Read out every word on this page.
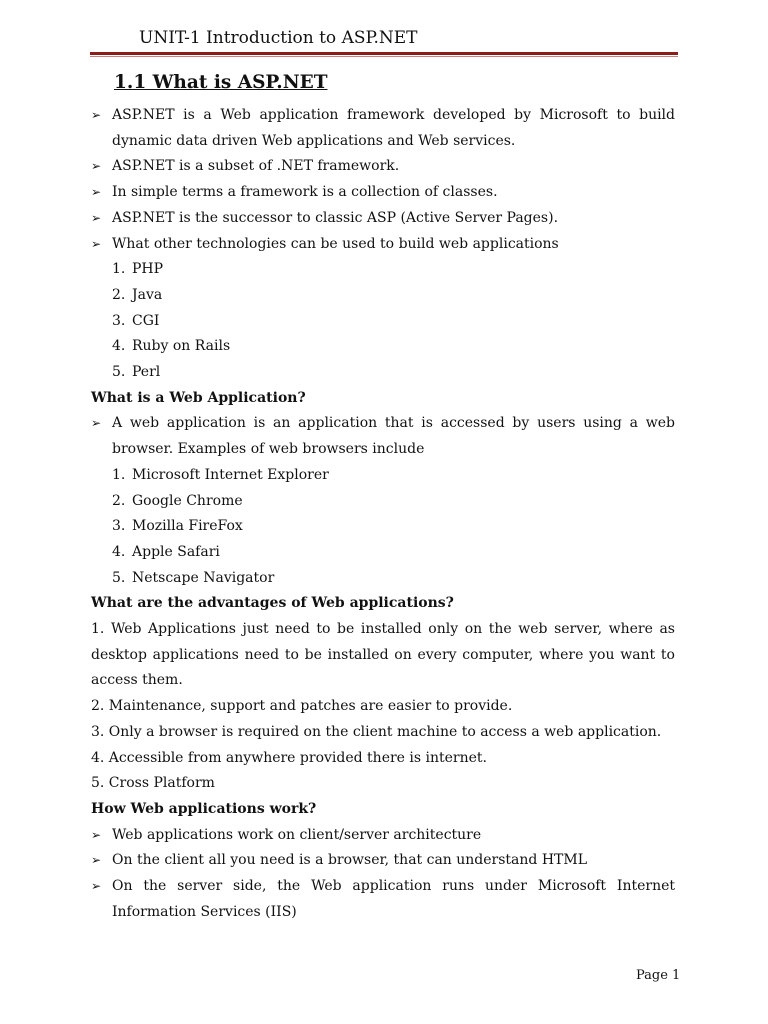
UNIT-1 Introduction to ASP.NET
1.1 What is ASP.NET
➢ ASP.NET is a Web application framework developed by Microsoft to build dynamic data driven Web applications and Web services.
➢ ASP.NET is a subset of .NET framework.
➢ In simple terms a framework is a collection of classes.
➢ ASP.NET is the successor to classic ASP (Active Server Pages).
➢ What other technologies can be used to build web applications
1. PHP
2. Java
3. CGI
4. Ruby on Rails
5. Perl

What is a Web Application?

➢ A web application is an application that is accessed by users using a web browser. Examples of web browsers include
1. Microsoft Internet Explorer
2. Google Chrome
3. Mozilla FireFox
4. Apple Safari
5. Netscape Navigator

What are the advantages of Web applications?

1. Web Applications just need to be installed only on the web server, where as desktop applications need to be installed on every computer, where you want to access them.

2. Maintenance, support and patches are easier to provide.

3. Only a browser is required on the client machine to access a web application.

4. Accessible from anywhere provided there is internet.

5. Cross Platform

How Web applications work?

➢ Web applications work on client/server architecture
➢ On the client all you need is a browser, that can understand HTML
➢ On the server side, the Web application runs under Microsoft Internet Information Services (IIS)
Page 1
